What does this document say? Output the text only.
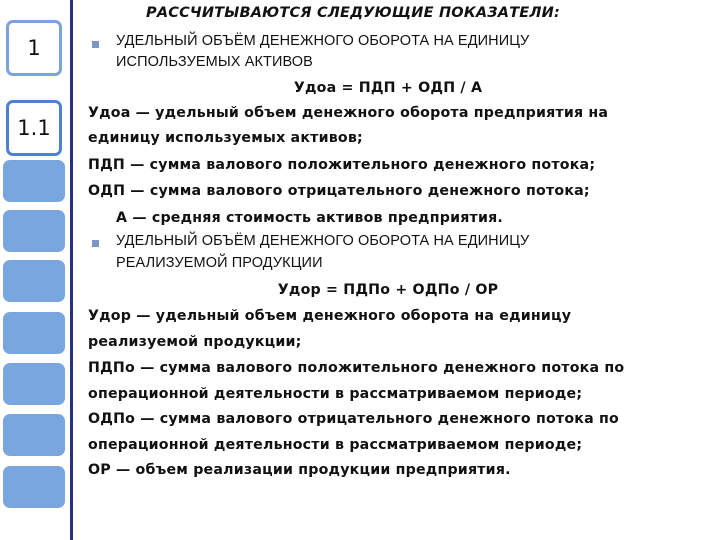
1
1.1
РАССЧИТЫВАЮТСЯ СЛЕДУЮЩИЕ ПОКАЗАТЕЛИ:
УДЕЛЬНЫЙ ОБЪЁМ ДЕНЕЖНОГО ОБОРОТА НА ЕДИНИЦУ
ИСПОЛЬЗУЕМЫХ АКТИВОВ
Удоа = ПДП + ОДП / А
Удоа — удельный объем денежного оборота предприятия на
единицу используемых активов;
ПДП — сумма валового положительного денежного потока;
ОДП — сумма валового отрицательного денежного потока;
А — средняя стоимость активов предприятия.
УДЕЛЬНЫЙ ОБЪЁМ ДЕНЕЖНОГО ОБОРОТА НА ЕДИНИЦУ
РЕАЛИЗУЕМОЙ ПРОДУКЦИИ
Удор = ПДПо + ОДПо / ОР
Удор — удельный объем денежного оборота на единицу
реализуемой продукции;
ПДПо — сумма валового положительного денежного потока по
операционной деятельности в рассматриваемом периоде;
ОДПо — сумма валового отрицательного денежного потока по
операционной деятельности в рассматриваемом периоде;
ОР — объем реализации продукции предприятия.
